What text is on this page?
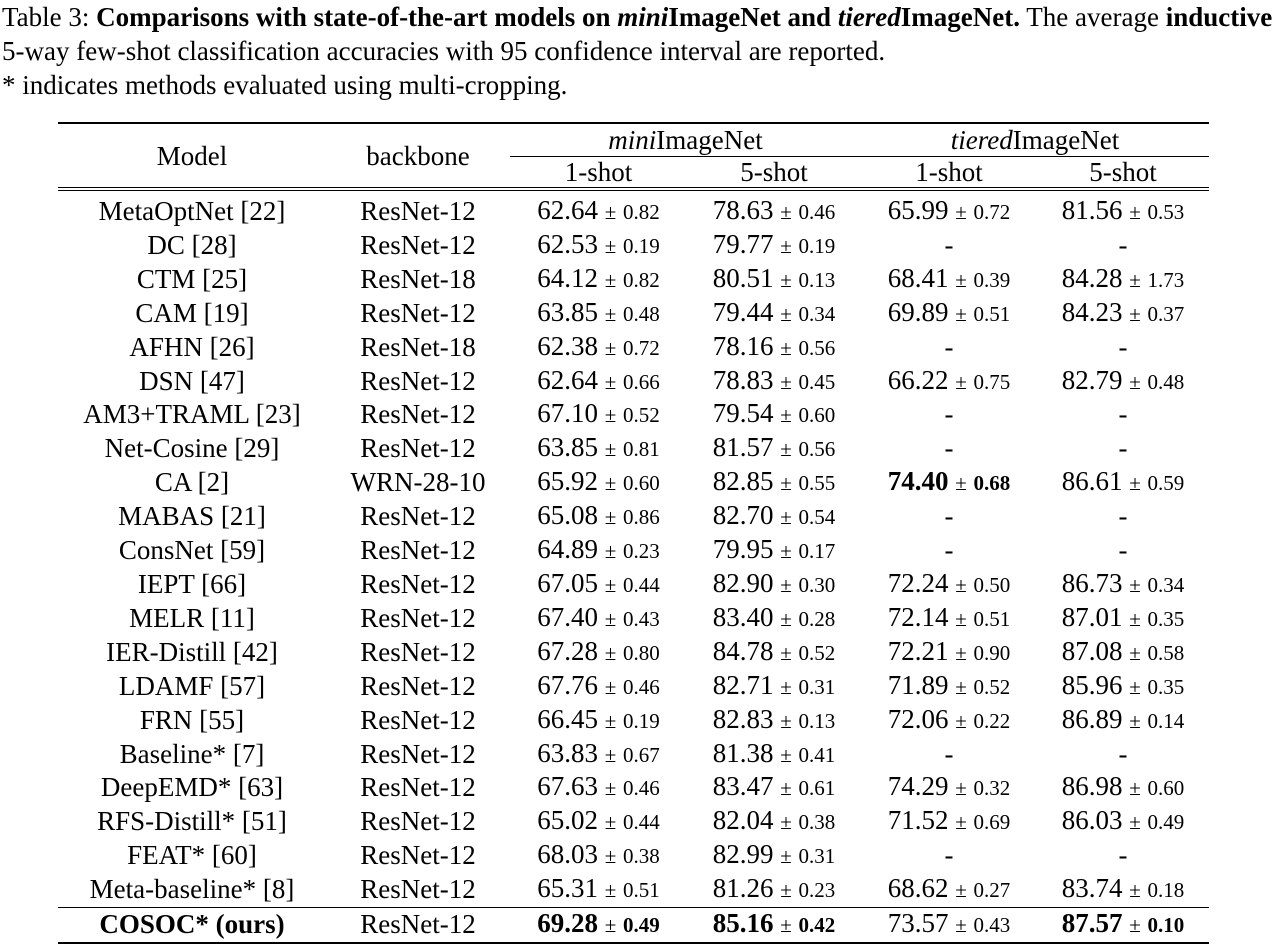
Table 3: Comparisons with state-of-the-art models on miniImageNet and tieredImageNet. The average inductive 5-way few-shot classification accuracies with 95 confidence interval are reported.
* indicates methods evaluated using multi-cropping.
Model	backbone	miniImageNet		tieredImageNet	
		1-shot	5-shot	1-shot	5-shot
MetaOptNet [22]	ResNet-12	62.64 ± 0.82	78.63 ± 0.46	65.99 ± 0.72	81.56 ± 0.53
DC [28]	ResNet-12	62.53 ± 0.19	79.77 ± 0.19	-	-
CTM [25]	ResNet-18	64.12 ± 0.82	80.51 ± 0.13	68.41 ± 0.39	84.28 ± 1.73
CAM [19]	ResNet-12	63.85 ± 0.48	79.44 ± 0.34	69.89 ± 0.51	84.23 ± 0.37
AFHN [26]	ResNet-18	62.38 ± 0.72	78.16 ± 0.56	-	-
DSN [47]	ResNet-12	62.64 ± 0.66	78.83 ± 0.45	66.22 ± 0.75	82.79 ± 0.48
AM3+TRAML [23]	ResNet-12	67.10 ± 0.52	79.54 ± 0.60	-	-
Net-Cosine [29]	ResNet-12	63.85 ± 0.81	81.57 ± 0.56	-	-
CA [2]	WRN-28-10	65.92 ± 0.60	82.85 ± 0.55	74.40 ± 0.68	86.61 ± 0.59
MABAS [21]	ResNet-12	65.08 ± 0.86	82.70 ± 0.54	-	-
ConsNet [59]	ResNet-12	64.89 ± 0.23	79.95 ± 0.17	-	-
IEPT [66]	ResNet-12	67.05 ± 0.44	82.90 ± 0.30	72.24 ± 0.50	86.73 ± 0.34
MELR [11]	ResNet-12	67.40 ± 0.43	83.40 ± 0.28	72.14 ± 0.51	87.01 ± 0.35
IER-Distill [42]	ResNet-12	67.28 ± 0.80	84.78 ± 0.52	72.21 ± 0.90	87.08 ± 0.58
LDAMF [57]	ResNet-12	67.76 ± 0.46	82.71 ± 0.31	71.89 ± 0.52	85.96 ± 0.35
FRN [55]	ResNet-12	66.45 ± 0.19	82.83 ± 0.13	72.06 ± 0.22	86.89 ± 0.14
Baseline* [7]	ResNet-12	63.83 ± 0.67	81.38 ± 0.41	-	-
DeepEMD* [63]	ResNet-12	67.63 ± 0.46	83.47 ± 0.61	74.29 ± 0.32	86.98 ± 0.60
RFS-Distill* [51]	ResNet-12	65.02 ± 0.44	82.04 ± 0.38	71.52 ± 0.69	86.03 ± 0.49
FEAT* [60]	ResNet-12	68.03 ± 0.38	82.99 ± 0.31	-	-
Meta-baseline* [8]	ResNet-12	65.31 ± 0.51	81.26 ± 0.23	68.62 ± 0.27	83.74 ± 0.18
COSOC* (ours)	ResNet-12	69.28 ± 0.49	85.16 ± 0.42	73.57 ± 0.43	87.57 ± 0.10
